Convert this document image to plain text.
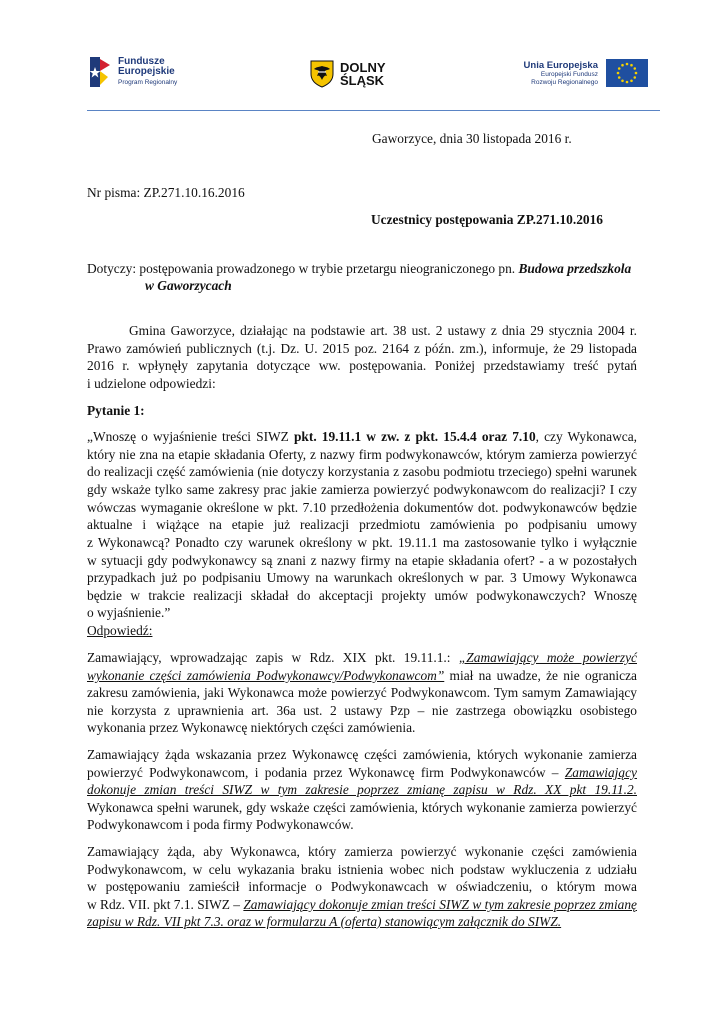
Fundusze
Europejskie
Program Regionalny
DOLNY
ŚLĄSK
Unia Europejska
Europejski Fundusz
Rozwoju Regionalnego
Gaworzyce, dnia 30 listopada 2016 r.
Nr pisma: ZP.271.10.16.2016
Uczestnicy postępowania ZP.271.10.2016
Dotyczy: postępowania prowadzonego w trybie przetargu nieograniczonego pn. Budowa przedszkola
w Gaworzycach
Gmina Gaworzyce, działając na podstawie art. 38 ust. 2 ustawy z dnia 29 stycznia 2004 r.
Prawo zamówień publicznych (t.j. Dz. U. 2015 poz. 2164 z późn. zm.), informuje, że 29 listopada
2016 r. wpłynęły zapytania dotyczące ww. postępowania. Poniżej przedstawiamy treść pytań
i udzielone odpowiedzi:
Pytanie 1:
„Wnoszę o wyjaśnienie treści SIWZ pkt. 19.11.1 w zw. z pkt. 15.4.4 oraz 7.10, czy Wykonawca,
który nie zna na etapie składania Oferty, z nazwy firm podwykonawców, którym zamierza powierzyć
do realizacji część zamówienia (nie dotyczy korzystania z zasobu podmiotu trzeciego) spełni warunek
gdy wskaże tylko same zakresy prac jakie zamierza powierzyć podwykonawcom do realizacji? I czy
wówczas wymaganie określone w pkt. 7.10 przedłożenia dokumentów dot. podwykonawców będzie
aktualne i wiążące na etapie już realizacji przedmiotu zamówienia po podpisaniu umowy
z Wykonawcą? Ponadto czy warunek określony w pkt. 19.11.1 ma zastosowanie tylko i wyłącznie
w sytuacji gdy podwykonawcy są znani z nazwy firmy na etapie składania ofert? - a w pozostałych
przypadkach już po podpisaniu Umowy na warunkach określonych w par. 3 Umowy Wykonawca
będzie w trakcie realizacji składał do akceptacji projekty umów podwykonawczych? Wnoszę
o wyjaśnienie.”
Odpowiedź:
Zamawiający, wprowadzając zapis w Rdz. XIX pkt. 19.11.1.: „Zamawiający może powierzyć
wykonanie części zamówienia Podwykonawcy/Podwykonawcom” miał na uwadze, że nie ogranicza
zakresu zamówienia, jaki Wykonawca może powierzyć Podwykonawcom. Tym samym Zamawiający
nie korzysta z uprawnienia art. 36a ust. 2 ustawy Pzp – nie zastrzega obowiązku osobistego
wykonania przez Wykonawcę niektórych części zamówienia.
Zamawiający żąda wskazania przez Wykonawcę części zamówienia, których wykonanie zamierza
powierzyć Podwykonawcom, i podania przez Wykonawcę firm Podwykonawców – Zamawiający
dokonuje zmian treści SIWZ w tym zakresie poprzez zmianę zapisu w Rdz. XX pkt 19.11.2.
Wykonawca spełni warunek, gdy wskaże części zamówienia, których wykonanie zamierza powierzyć
Podwykonawcom i poda firmy Podwykonawców.
Zamawiający żąda, aby Wykonawca, który zamierza powierzyć wykonanie części zamówienia
Podwykonawcom, w celu wykazania braku istnienia wobec nich podstaw wykluczenia z udziału
w postępowaniu zamieścił informacje o Podwykonawcach w oświadczeniu, o którym mowa
w Rdz. VII. pkt 7.1. SIWZ – Zamawiający dokonuje zmian treści SIWZ w tym zakresie poprzez zmianę
zapisu w Rdz. VII pkt 7.3. oraz w formularzu A (oferta) stanowiącym załącznik do SIWZ.
